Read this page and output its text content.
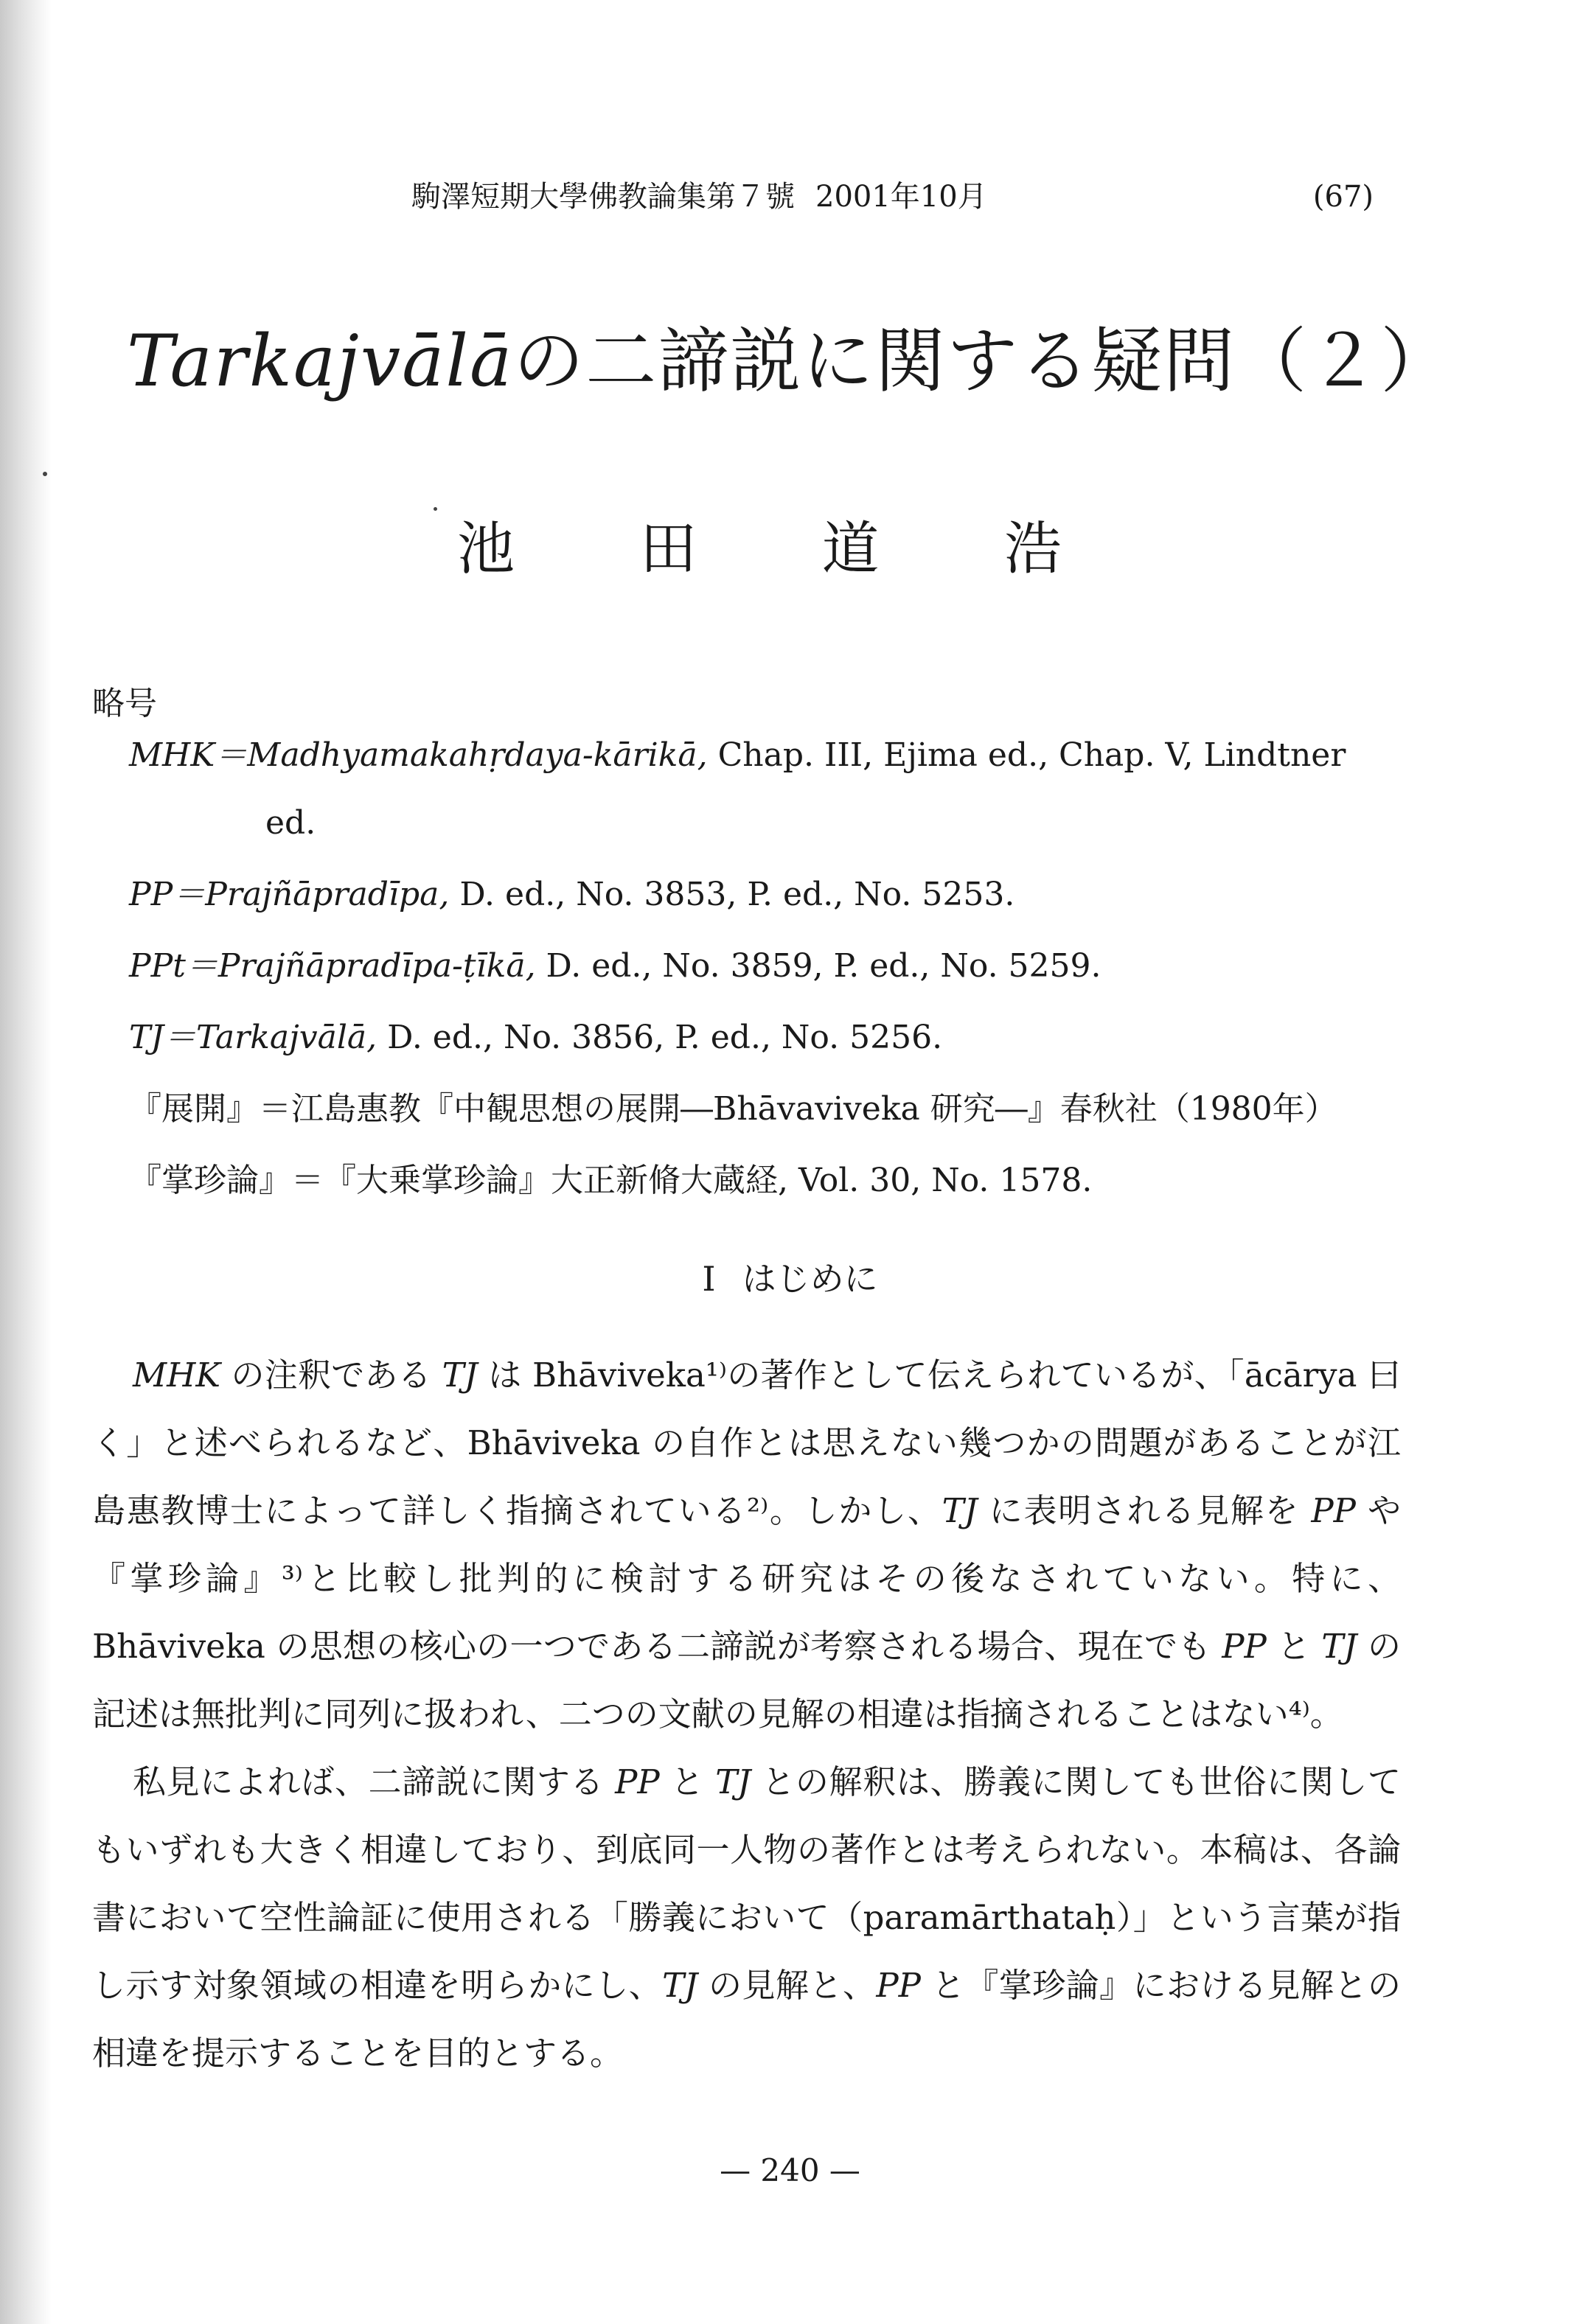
駒澤短期大學佛教論集第７號 2001年10月	(67)
Tarkajvālāの二諦説に関する疑問（２）
池 田 道 浩
略号
MHK＝Madhyamakahṛdaya-kārikā, Chap. III, Ejima ed., Chap. V, Lindtner
ed.
PP＝Prajñāpradīpa, D. ed., No. 3853, P. ed., No. 5253.
PPt＝Prajñāpradīpa-ṭīkā, D. ed., No. 3859, P. ed., No. 5259.
TJ＝Tarkajvālā, D. ed., No. 3856, P. ed., No. 5256.
『展開』＝江島惠教『中観思想の展開―Bhāvaviveka 研究―』春秋社（1980年）
『掌珍論』＝『大乗掌珍論』大正新脩大蔵経, Vol. 30, No. 1578.
I はじめに

MHK の注釈である TJ は Bhāviveka¹⁾の著作として伝えられているが、「ācārya 曰く」と述べられるなど、Bhāviveka の自作とは思えない幾つかの問題があることが江島惠教博士によって詳しく指摘されている²⁾。しかし、TJ に表明される見解を PP や『掌珍論』³⁾と比較し批判的に検討する研究はその後なされていない。特に、Bhāviveka の思想の核心の一つである二諦説が考察される場合、現在でも PP と TJ の記述は無批判に同列に扱われ、二つの文献の見解の相違は指摘されることはない⁴⁾。

私見によれば、二諦説に関する PP と TJ との解釈は、勝義に関しても世俗に関してもいずれも大きく相違しており、到底同一人物の著作とは考えられない。本稿は、各論書において空性論証に使用される「勝義において（paramārthataḥ）」という言葉が指し示す対象領域の相違を明らかにし、TJ の見解と、PP と『掌珍論』における見解との相違を提示することを目的とする。

— 240 —
